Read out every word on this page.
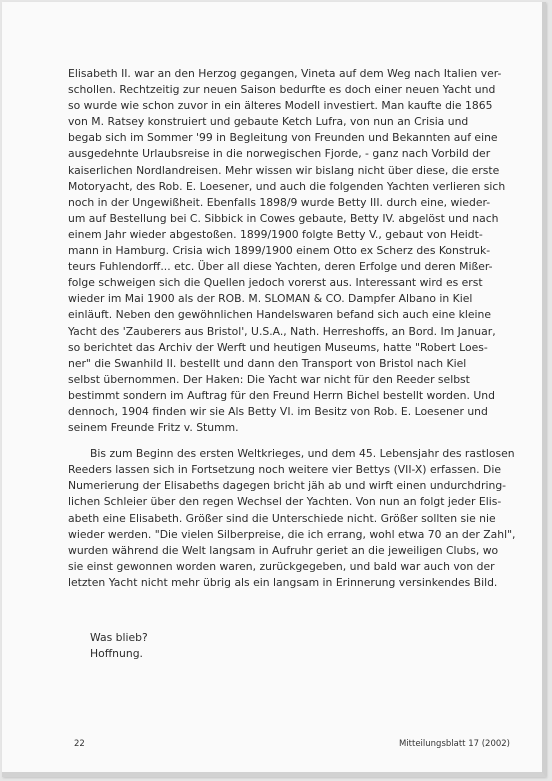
Elisabeth II. war an den Herzog gegangen, Vineta auf dem Weg nach Italien ver-
schollen. Rechtzeitig zur neuen Saison bedurfte es doch einer neuen Yacht und
so wurde wie schon zuvor in ein älteres Modell investiert. Man kaufte die 1865
von M. Ratsey konstruiert und gebaute Ketch Lufra, von nun an Crisia und
begab sich im Sommer '99 in Begleitung von Freunden und Bekannten auf eine
ausgedehnte Urlaubsreise in die norwegischen Fjorde, - ganz nach Vorbild der
kaiserlichen Nordlandreisen. Mehr wissen wir bislang nicht über diese, die erste
Motoryacht, des Rob. E. Loesener, und auch die folgenden Yachten verlieren sich
noch in der Ungewißheit. Ebenfalls 1898/9 wurde Betty III. durch eine, wieder-
um auf Bestellung bei C. Sibbick in Cowes gebaute, Betty IV. abgelöst und nach
einem Jahr wieder abgestoßen. 1899/1900 folgte Betty V., gebaut von Heidt-
mann in Hamburg. Crisia wich 1899/1900 einem Otto ex Scherz des Konstruk-
teurs Fuhlendorff... etc. Über all diese Yachten, deren Erfolge und deren Mißer-
folge schweigen sich die Quellen jedoch vorerst aus. Interessant wird es erst
wieder im Mai 1900 als der ROB. M. SLOMAN & CO. Dampfer Albano in Kiel
einläuft. Neben den gewöhnlichen Handelswaren befand sich auch eine kleine
Yacht des 'Zauberers aus Bristol', U.S.A., Nath. Herreshoffs, an Bord. Im Januar,
so berichtet das Archiv der Werft und heutigen Museums, hatte "Robert Loes-
ner" die Swanhild II. bestellt und dann den Transport von Bristol nach Kiel
selbst übernommen. Der Haken: Die Yacht war nicht für den Reeder selbst
bestimmt sondern im Auftrag für den Freund Herrn Bichel bestellt worden. Und
dennoch, 1904 finden wir sie Als Betty VI. im Besitz von Rob. E. Loesener und
seinem Freunde Fritz v. Stumm.
Bis zum Beginn des ersten Weltkrieges, und dem 45. Lebensjahr des rastlosen
Reeders lassen sich in Fortsetzung noch weitere vier Bettys (VII-X) erfassen. Die
Numerierung der Elisabeths dagegen bricht jäh ab und wirft einen undurchdring-
lichen Schleier über den regen Wechsel der Yachten. Von nun an folgt jeder Elis-
abeth eine Elisabeth. Größer sind die Unterschiede nicht. Größer sollten sie nie
wieder werden. "Die vielen Silberpreise, die ich errang, wohl etwa 70 an der Zahl",
wurden während die Welt langsam in Aufruhr geriet an die jeweiligen Clubs, wo
sie einst gewonnen worden waren, zurückgegeben, und bald war auch von der
letzten Yacht nicht mehr übrig als ein langsam in Erinnerung versinkendes Bild.
Was blieb?
Hoffnung.
22	Mitteilungsblatt 17 (2002)
